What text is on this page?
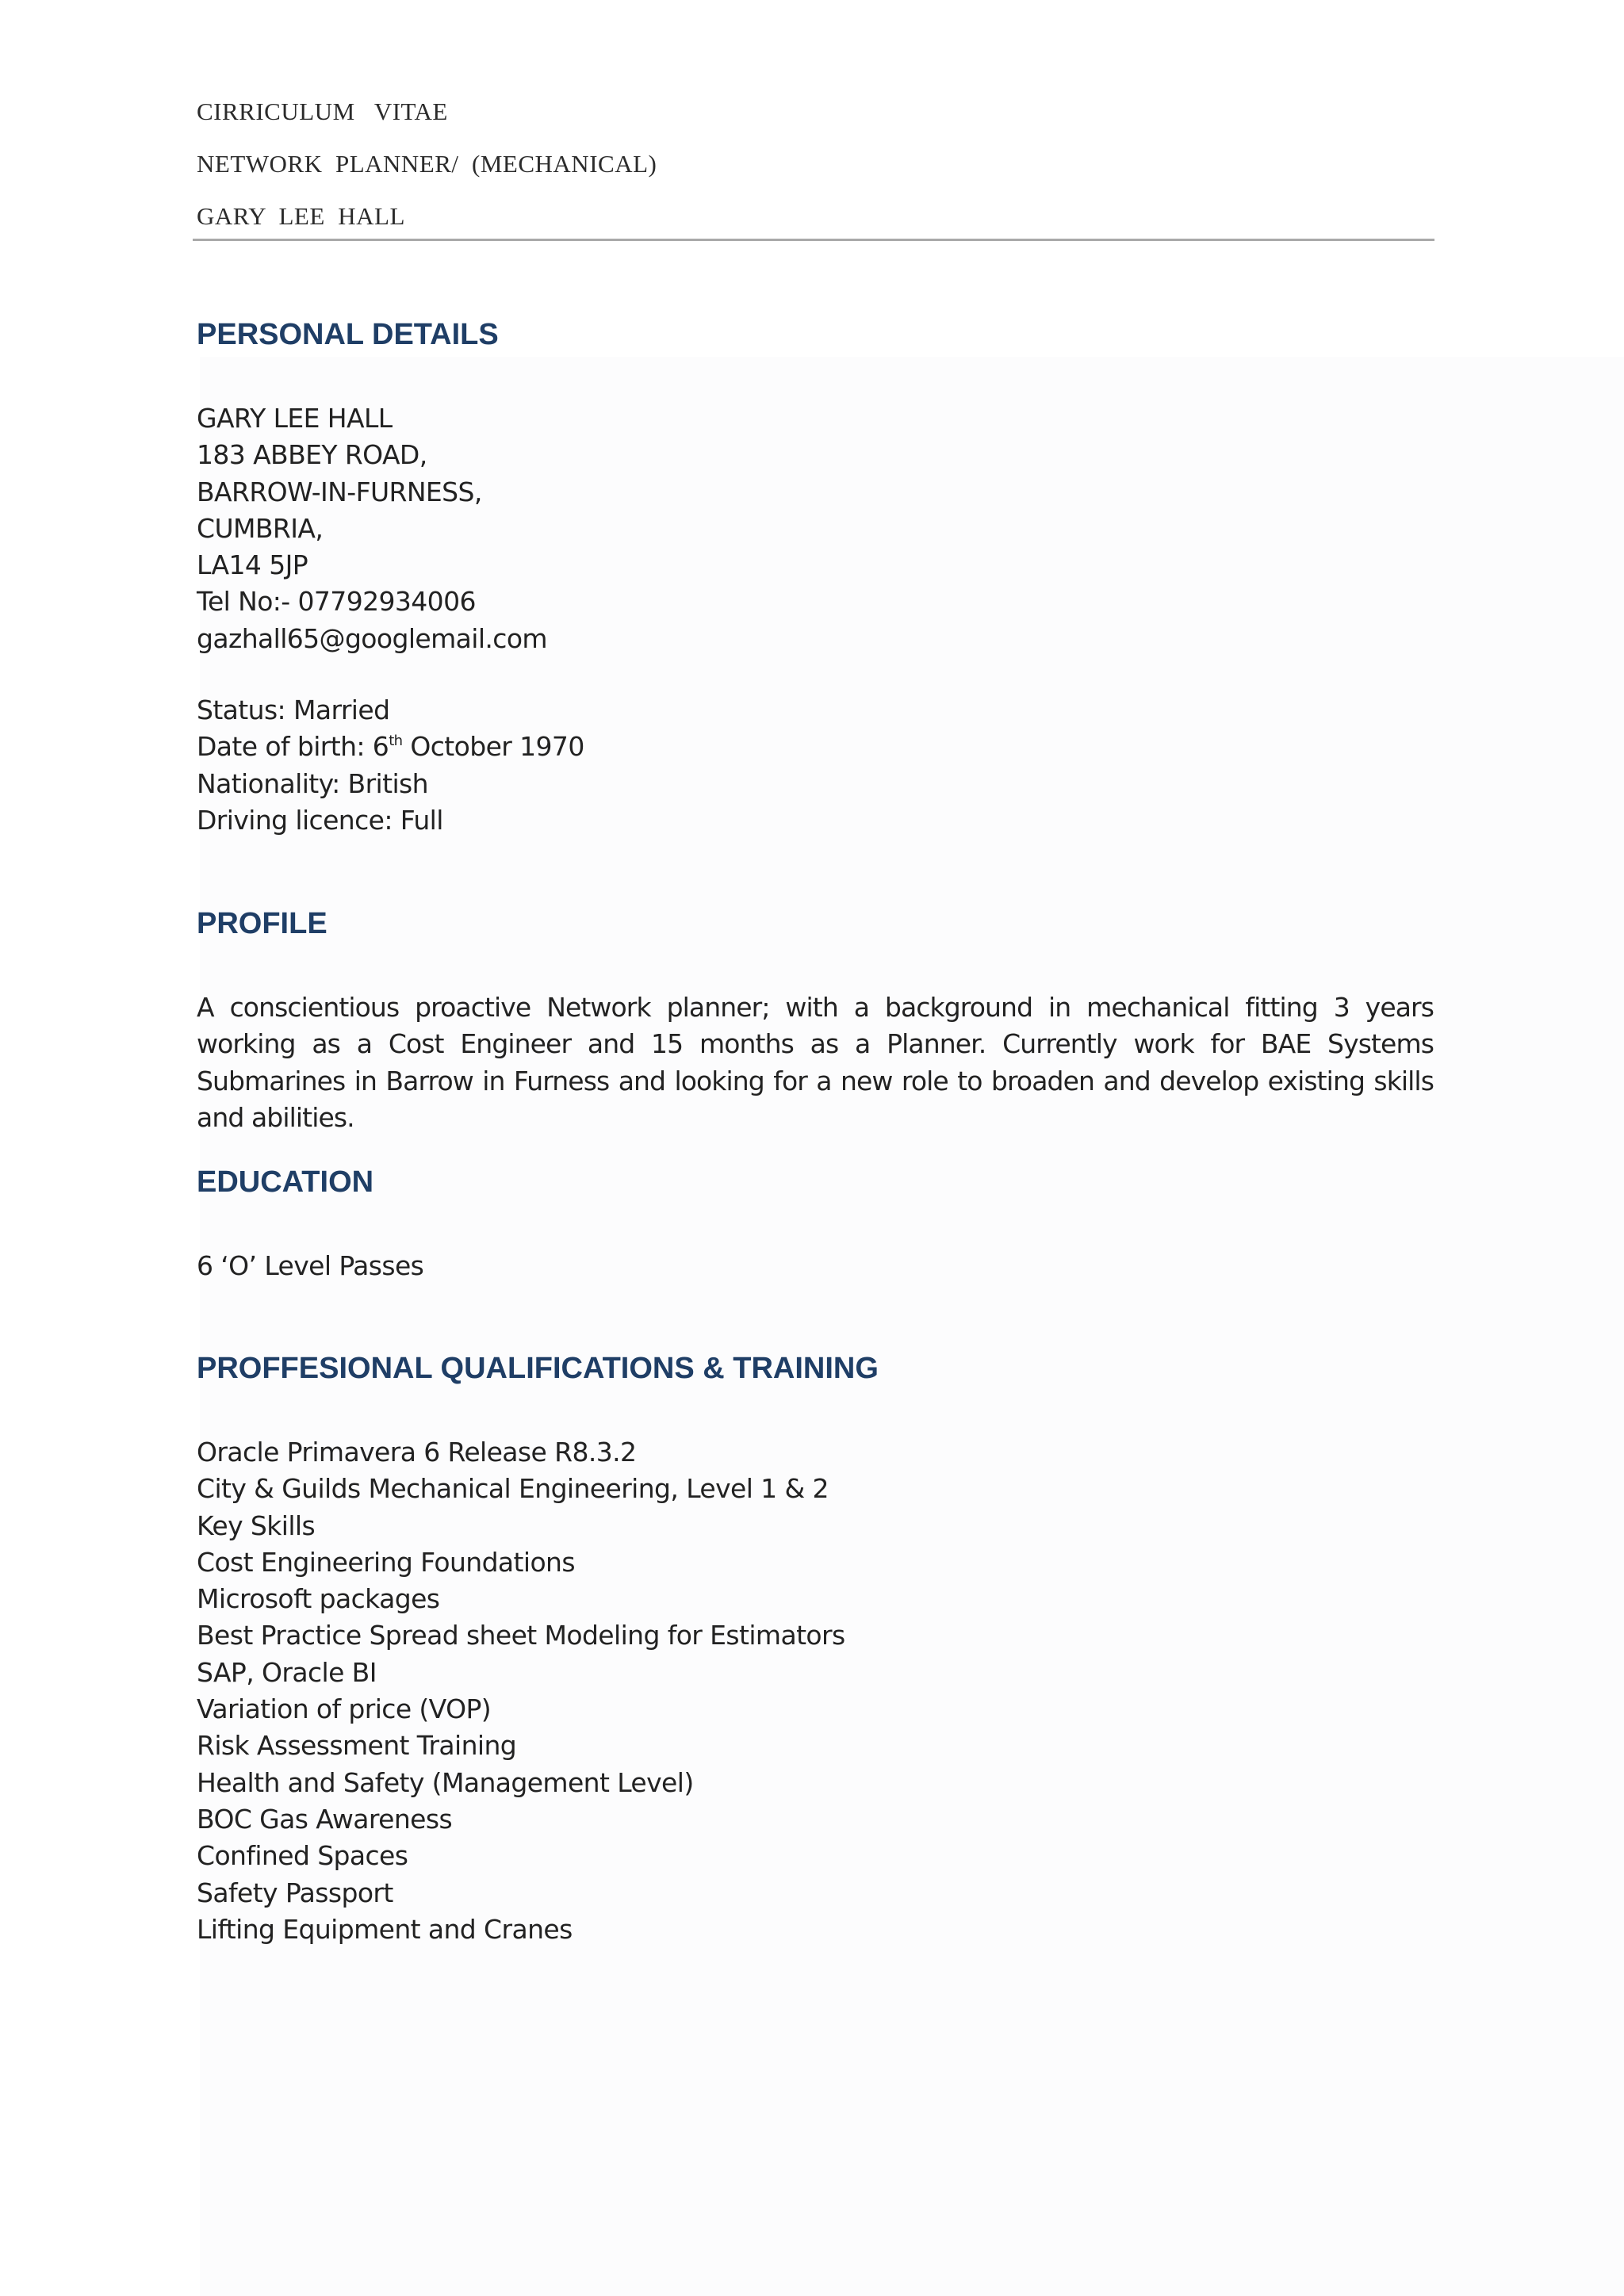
CIRRICULUM   VITAE
NETWORK  PLANNER/  (MECHANICAL)
GARY  LEE  HALL
PERSONAL DETAILS
GARY LEE HALL
183 ABBEY ROAD,
BARROW-IN-FURNESS,
CUMBRIA,
LA14 5JP
Tel No:- 07792934006
gazhall65@googlemail.com
Status: Married
Date of birth: 6th October 1970
Nationality: British
Driving licence: Full
PROFILE
A conscientious proactive Network planner; with a background in mechanical fitting 3 years working as a Cost Engineer and 15 months as a Planner. Currently work for BAE Systems Submarines in Barrow in Furness and looking for a new role to broaden and develop existing skills and abilities.
EDUCATION
6 ‘O’ Level Passes
PROFFESIONAL QUALIFICATIONS & TRAINING
Oracle Primavera 6 Release R8.3.2
City & Guilds Mechanical Engineering, Level 1 & 2
Key Skills
Cost Engineering Foundations
Microsoft packages
Best Practice Spread sheet Modeling for Estimators
SAP, Oracle BI
Variation of price (VOP)
Risk Assessment Training
Health and Safety (Management Level)
BOC Gas Awareness
Confined Spaces
Safety Passport
Lifting Equipment and Cranes
